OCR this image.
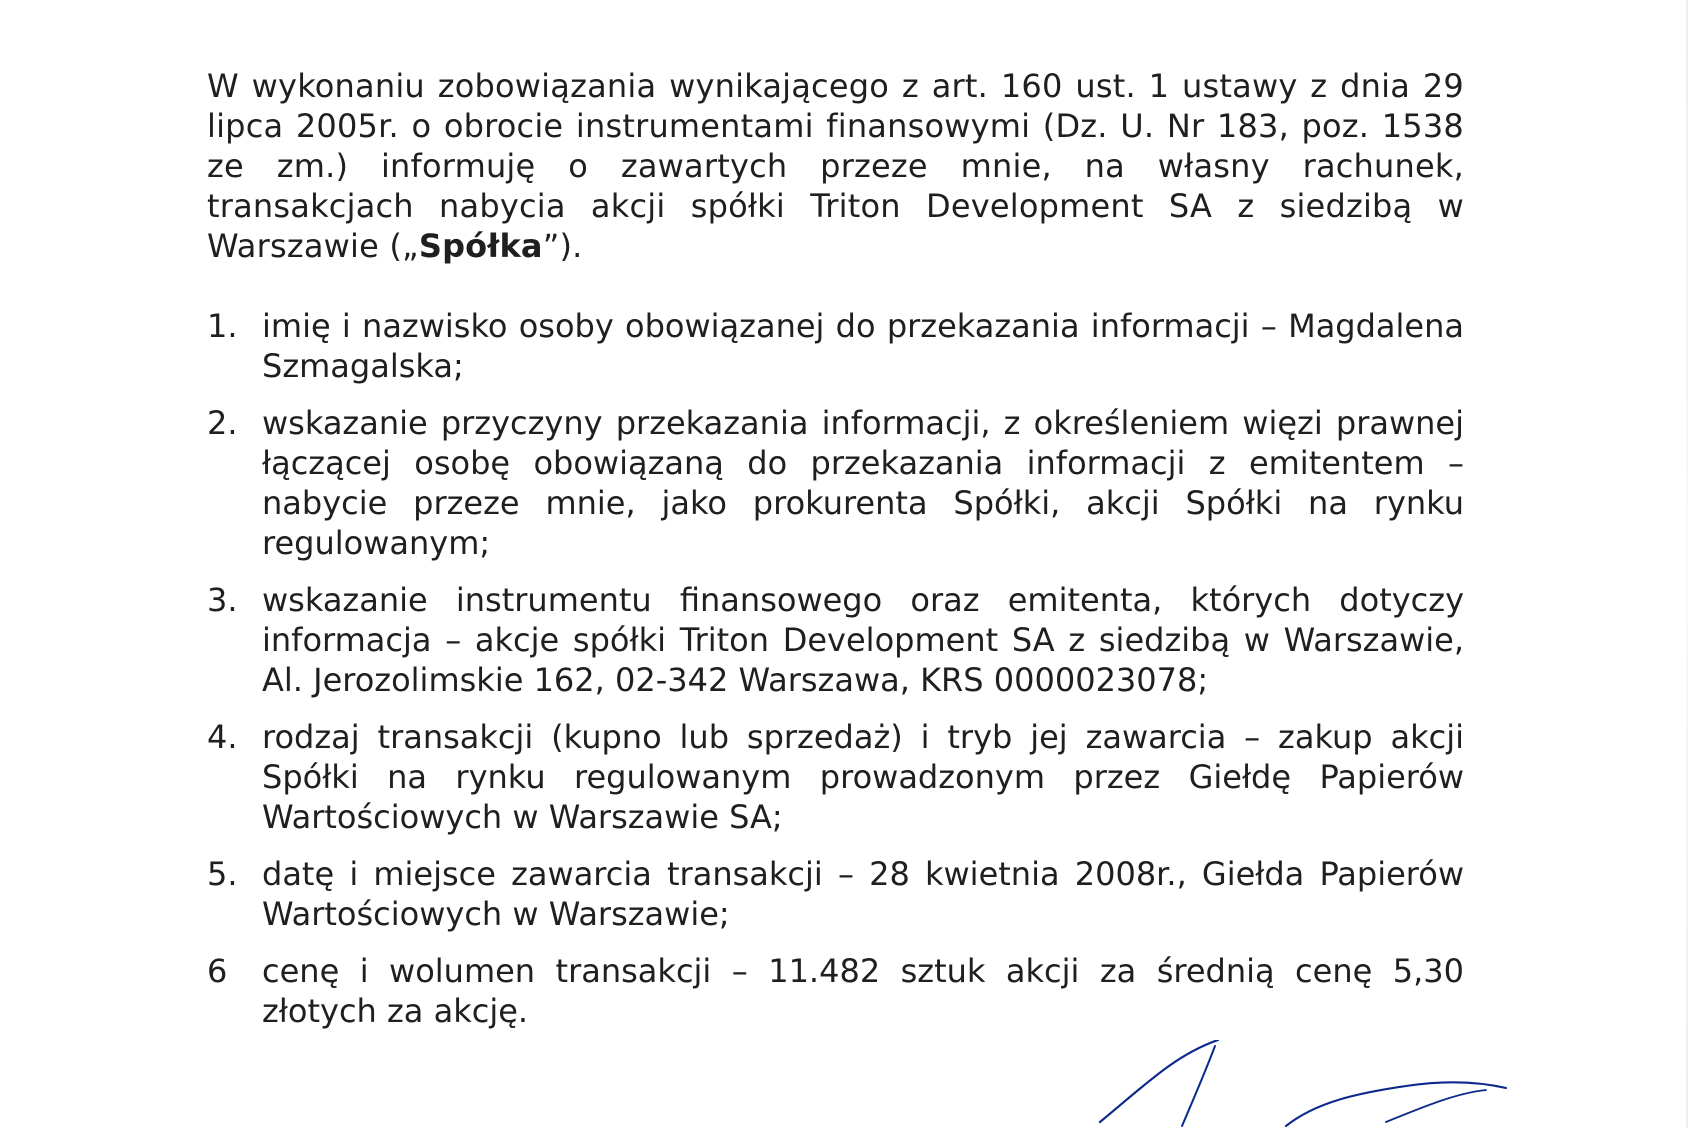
W wykonaniu zobowiązania wynikającego z art. 160 ust. 1 ustawy z dnia 29 lipca 2005r. o obrocie instrumentami finansowymi (Dz. U. Nr 183, poz. 1538 ze zm.) informuję o zawartych przeze mnie, na własny rachunek, transakcjach nabycia akcji spółki Triton Development SA z siedzibą w Warszawie („Spółka”).

1. imię i nazwisko osoby obowiązanej do przekazania informacji – Magdalena Szmagalska;
2. wskazanie przyczyny przekazania informacji, z określeniem więzi prawnej łączącej osobę obowiązaną do przekazania informacji z emitentem – nabycie przeze mnie, jako prokurenta Spółki, akcji Spółki na rynku regulowanym;
3. wskazanie instrumentu finansowego oraz emitenta, których dotyczy informacja – akcje spółki Triton Development SA z siedzibą w Warszawie, Al. Jerozolimskie 162, 02-342 Warszawa, KRS 0000023078;
4. rodzaj transakcji (kupno lub sprzedaż) i tryb jej zawarcia – zakup akcji Spółki na rynku regulowanym prowadzonym przez Giełdę Papierów Wartościowych w Warszawie SA;
5. datę i miejsce zawarcia transakcji – 28 kwietnia 2008r., Giełda Papierów Wartościowych w Warszawie;
6	cenę i wolumen transakcji – 11.482 sztuk akcji za średnią cenę 5,30 złotych za akcję.
